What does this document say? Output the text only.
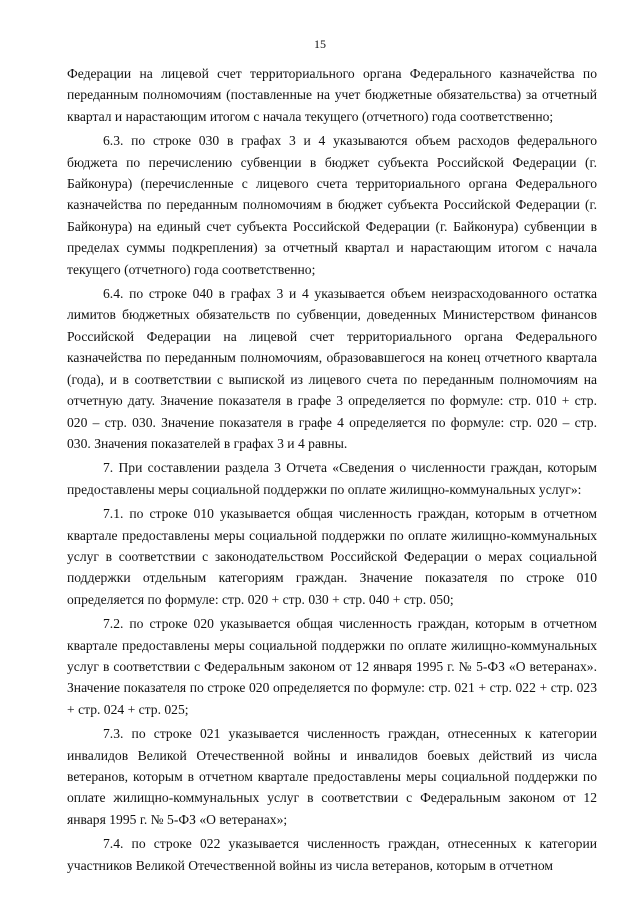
15

Федерации на лицевой счет территориального органа Федерального казначейства по переданным полномочиям (поставленные на учет бюджетные обязательства) за отчетный квартал и нарастающим итогом с начала текущего (отчетного) года соответственно;

6.3. по строке 030 в графах 3 и 4 указываются объем расходов федерального бюджета по перечислению субвенции в бюджет субъекта Российской Федерации (г. Байконура) (перечисленные с лицевого счета территориального органа Федерального казначейства по переданным полномочиям в бюджет субъекта Российской Федерации (г. Байконура) на единый счет субъекта Российской Федерации (г. Байконура) субвенции в пределах суммы подкрепления) за отчетный квартал и нарастающим итогом с начала текущего (отчетного) года соответственно;

6.4. по строке 040 в графах 3 и 4 указывается объем неизрасходованного остатка лимитов бюджетных обязательств по субвенции, доведенных Министерством финансов Российской Федерации на лицевой счет территориального органа Федерального казначейства по переданным полномочиям, образовавшегося на конец отчетного квартала (года), и в соответствии с выпиской из лицевого счета по переданным полномочиям на отчетную дату. Значение показателя в графе 3 определяется по формуле: стр. 010 + стр. 020 – стр. 030. Значение показателя в графе 4 определяется по формуле: стр. 020 – стр. 030. Значения показателей в графах 3 и 4 равны.

7. При составлении раздела 3 Отчета «Сведения о численности граждан, которым предоставлены меры социальной поддержки по оплате жилищно-коммунальных услуг»:

7.1. по строке 010 указывается общая численность граждан, которым в отчетном квартале предоставлены меры социальной поддержки по оплате жилищно-коммунальных услуг в соответствии с законодательством Российской Федерации о мерах социальной поддержки отдельным категориям граждан. Значение показателя по строке 010 определяется по формуле: стр. 020 + стр. 030 + стр. 040 + стр. 050;

7.2. по строке 020 указывается общая численность граждан, которым в отчетном квартале предоставлены меры социальной поддержки по оплате жилищно-коммунальных услуг в соответствии с Федеральным законом от 12 января 1995 г. № 5-ФЗ «О ветеранах». Значение показателя по строке 020 определяется по формуле: стр. 021 + стр. 022 + стр. 023 + стр. 024 + стр. 025;

7.3. по строке 021 указывается численность граждан, отнесенных к категории инвалидов Великой Отечественной войны и инвалидов боевых действий из числа ветеранов, которым в отчетном квартале предоставлены меры социальной поддержки по оплате жилищно-коммунальных услуг в соответствии с Федеральным законом от 12 января 1995 г. № 5-ФЗ «О ветеранах»;

7.4. по строке 022 указывается численность граждан, отнесенных к категории участников Великой Отечественной войны из числа ветеранов, которым в отчетном
